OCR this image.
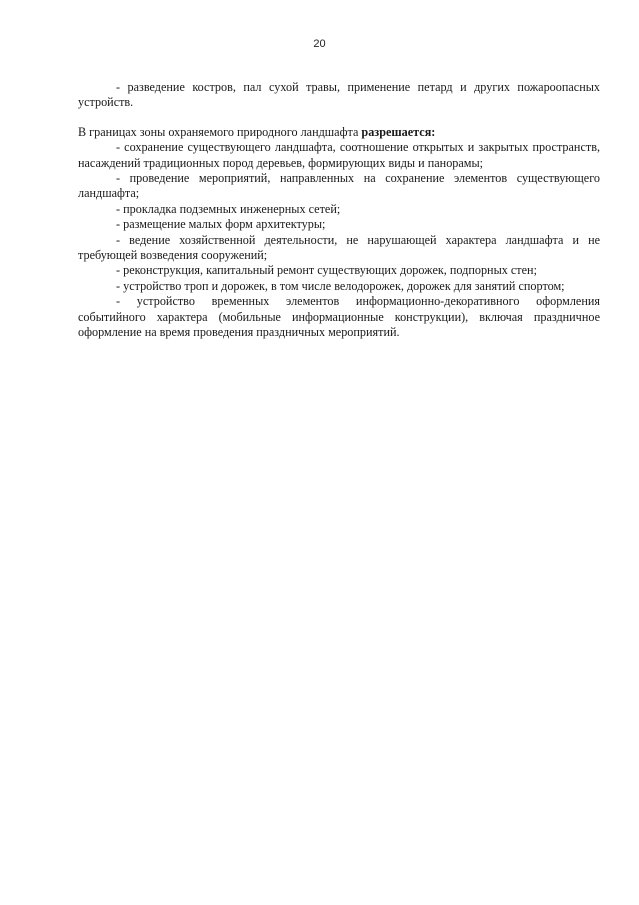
20

- разведение костров, пал сухой травы, применение петард и других пожароопасных устройств.

В границах зоны охраняемого природного ландшафта разрешается:

- сохранение существующего ландшафта, соотношение открытых и закрытых пространств, насаждений традиционных пород деревьев, формирующих виды и панорамы;

- проведение мероприятий, направленных на сохранение элементов существующего ландшафта;

- прокладка подземных инженерных сетей;

- размещение малых форм архитектуры;

- ведение хозяйственной деятельности, не нарушающей характера ландшафта и не требующей возведения сооружений;

- реконструкция, капитальный ремонт существующих дорожек, подпорных стен;

- устройство троп и дорожек, в том числе велодорожек, дорожек для занятий спортом;

- устройство временных элементов информационно-декоративного оформления событийного характера (мобильные информационные конструкции), включая праздничное оформление на время проведения праздничных мероприятий.
